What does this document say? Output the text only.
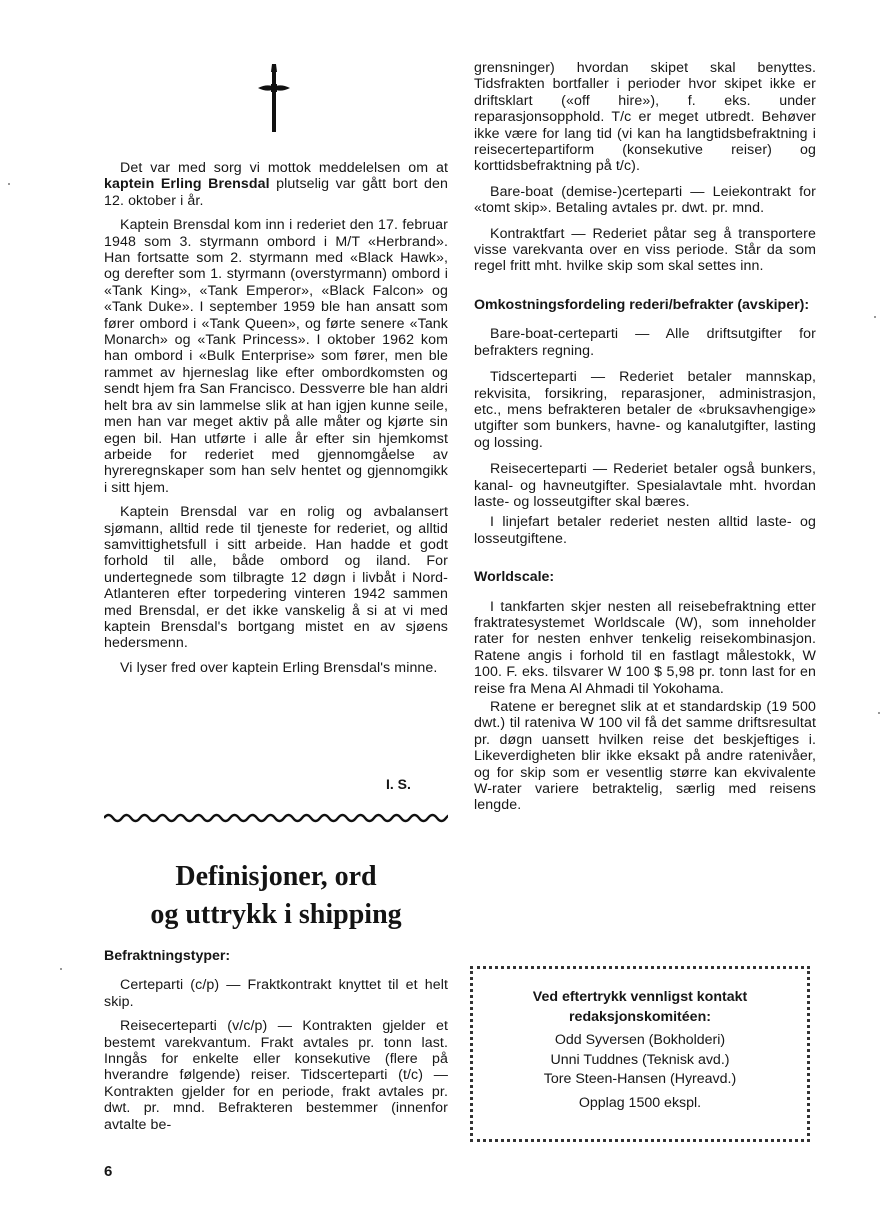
Det var med sorg vi mottok meddelelsen om at kaptein Erling Brensdal plutselig var gått bort den 12. oktober i år.

Kaptein Brensdal kom inn i rederiet den 17. februar 1948 som 3. styrmann ombord i M/T «Herbrand». Han fortsatte som 2. styrmann med «Black Hawk», og derefter som 1. styrmann (overstyrmann) ombord i «Tank King», «Tank Emperor», «Black Falcon» og «Tank Duke». I september 1959 ble han ansatt som fører ombord i «Tank Queen», og førte senere «Tank Monarch» og «Tank Princess». I oktober 1962 kom han ombord i «Bulk Enterprise» som fører, men ble rammet av hjerneslag like efter ombordkomsten og sendt hjem fra San Francisco. Dessverre ble han aldri helt bra av sin lammelse slik at han igjen kunne seile, men han var meget aktiv på alle måter og kjørte sin egen bil. Han utførte i alle år efter sin hjemkomst arbeide for rederiet med gjennomgåelse av hyreregnskaper som han selv hentet og gjennomgikk i sitt hjem.

Kaptein Brensdal var en rolig og avbalansert sjømann, alltid rede til tjeneste for rederiet, og alltid samvittighetsfull i sitt arbeide. Han hadde et godt forhold til alle, både ombord og iland. For undertegnede som tilbragte 12 døgn i livbåt i Nord-Atlanteren efter torpedering vinteren 1942 sammen med Brensdal, er det ikke vanskelig å si at vi med kaptein Brensdal's bortgang mistet en av sjøens hedersmenn.

Vi lyser fred over kaptein Erling Brensdal's minne.

I. S.
Definisjoner, ord
og uttrykk i shipping

Befraktningstyper:

Certeparti (c/p) — Fraktkontrakt knyttet til et helt skip.

Reisecerteparti (v/c/p) — Kontrakten gjelder et bestemt varekvantum. Frakt avtales pr. tonn last. Inngås for enkelte eller konsekutive (flere på hverandre følgende) reiser. Tidscerteparti (t/c) — Kontrakten gjelder for en periode, frakt avtales pr. dwt. pr. mnd. Befrakteren bestemmer (innenfor avtalte be-

6

grensninger) hvordan skipet skal benyttes. Tidsfrakten bortfaller i perioder hvor skipet ikke er driftsklart («off hire»), f. eks. under reparasjonsopphold. T/c er meget utbredt. Behøver ikke være for lang tid (vi kan ha langtidsbefraktning i reisecertepartiform (konsekutive reiser) og korttidsbefraktning på t/c).

Bare-boat (demise-)certeparti — Leiekontrakt for «tomt skip». Betaling avtales pr. dwt. pr. mnd.

Kontraktfart — Rederiet påtar seg å transportere visse varekvanta over en viss periode. Står da som regel fritt mht. hvilke skip som skal settes inn.

Omkostningsfordeling rederi/befrakter (avskiper):

Bare-boat-certeparti — Alle driftsutgifter for befrakters regning.

Tidscerteparti — Rederiet betaler mannskap, rekvisita, forsikring, reparasjoner, administrasjon, etc., mens befrakteren betaler de «bruksavhengige» utgifter som bunkers, havne- og kanalutgifter, lasting og lossing.

Reisecerteparti — Rederiet betaler også bunkers, kanal- og havneutgifter. Spesialavtale mht. hvordan laste- og losseutgifter skal bæres.

I linjefart betaler rederiet nesten alltid laste- og losseutgiftene.

Worldscale:

I tankfarten skjer nesten all reisebefraktning etter fraktratesystemet Worldscale (W), som inneholder rater for nesten enhver tenkelig reisekombinasjon. Ratene angis i forhold til en fastlagt målestokk, W 100. F. eks. tilsvarer W 100 $ 5,98 pr. tonn last for en reise fra Mena Al Ahmadi til Yokohama.

Ratene er beregnet slik at et standardskip (19 500 dwt.) til rateniva W 100 vil få det samme driftsresultat pr. døgn uansett hvilken reise det beskjeftiges i. Likeverdigheten blir ikke eksakt på andre ratenivåer, og for skip som er vesentlig større kan ekvivalente W-rater variere betraktelig, særlig med reisens lengde.

Ved eftertrykk vennligst kontakt
redaksjonskomitéen:
Odd Syversen (Bokholderi)
Unni Tuddnes (Teknisk avd.)
Tore Steen-Hansen (Hyreavd.)
Opplag 1500 ekspl.
